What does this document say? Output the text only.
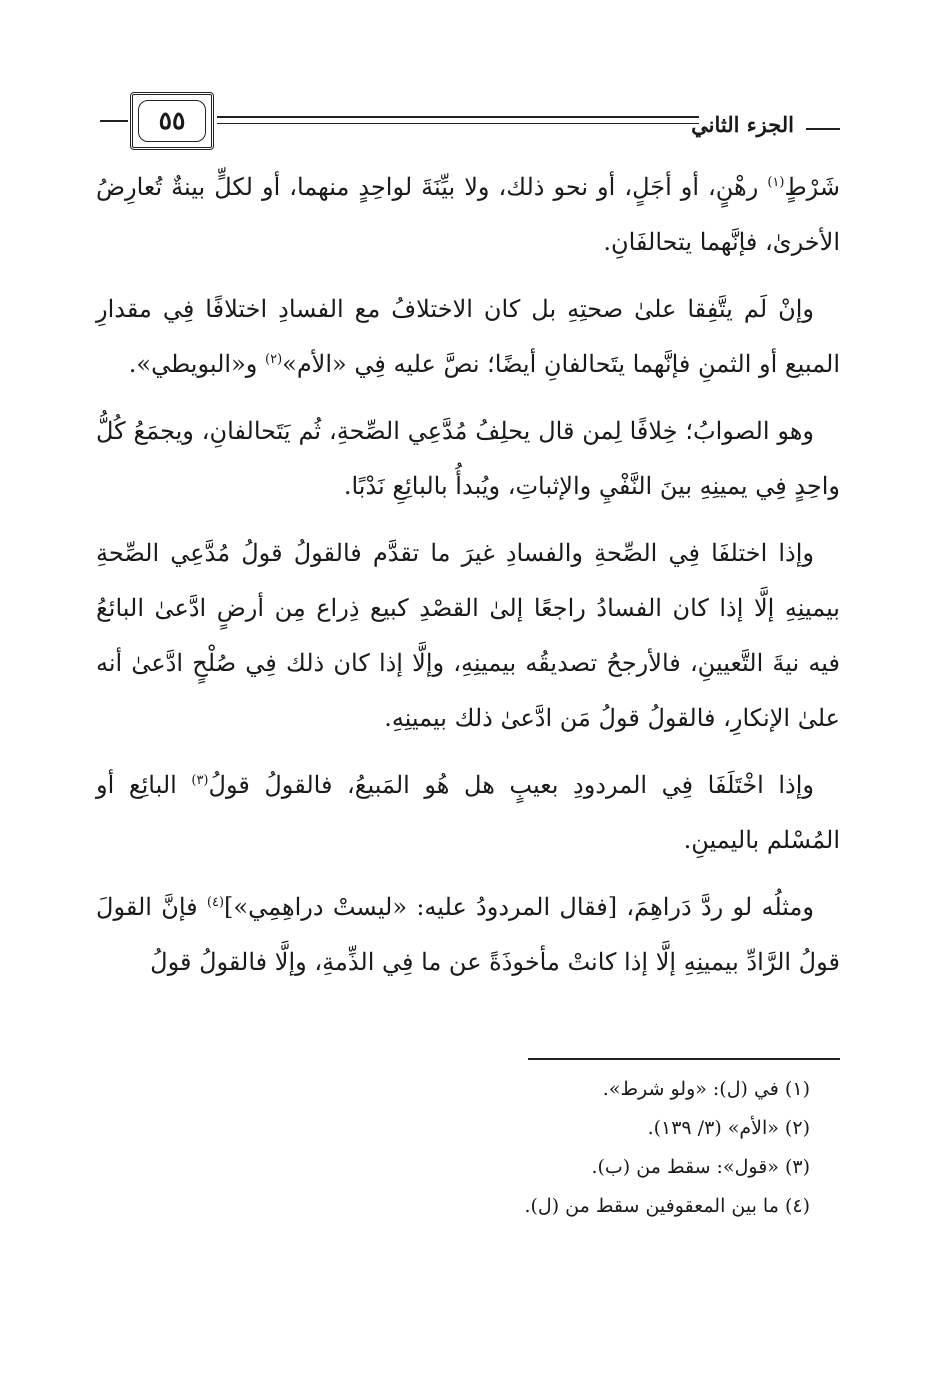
٥٥	الجزء الثاني

شَرْطٍ$^{(١)}$ رهْنٍ، أو أجَلٍ، أو نحو ذلك، ولا بيِّنَةَ لواحِدٍ منهما، أو لكلٍّ بينةٌ تُعارِضُ الأخرىٰ، فإنَّهما يتحالفَانِ.

وإنْ لَم يتَّفِقا علىٰ صحتِهِ بل كان الاختلافُ مع الفسادِ اختلافًا فِي مقدارِ المبيع أو الثمنِ فإنَّهما يتَحالفانِ أيضًا؛ نصَّ عليه فِي «الأم»$^{(٢)}$ و«البويطي».

وهو الصوابُ؛ خِلافًا لِمن قال يحلِفُ مُدَّعِي الصِّحةِ، ثُم يَتَحالفانِ، ويجمَعُ كُلُّ واحِدٍ فِي يمينِهِ بينَ النَّفْيِ والإثباتِ، ويُبدأُ بالبائِعِ نَدْبًا.

وإذا اختلفَا فِي الصِّحةِ والفسادِ غيرَ ما تقدَّم فالقولُ قولُ مُدَّعِي الصِّحةِ بيمينِهِ إلَّا إذا كان الفسادُ راجعًا إلىٰ القصْدِ كبيع ذِراع مِن أرضٍ ادَّعىٰ البائعُ فيه نيةَ التَّعيينِ، فالأرجحُ تصديقُه بيمينِهِ، وإلَّا إذا كان ذلك فِي صُلْحٍ ادَّعىٰ أنه علىٰ الإنكارِ، فالقولُ قولُ مَن ادَّعىٰ ذلك بيمينِهِ.

وإذا اخْتَلَفَا فِي المردودِ بعيبٍ هل هُو المَبيعُ، فالقولُ قولُ$^{(٣)}$ البائِع أو المُسْلم باليمينِ.

ومثلُه لو ردَّ دَراهِمَ، [فقال المردودُ عليه: «ليستْ دراهِمِي»]$^{(٤)}$ فإنَّ القولَ قولُ الرَّادِّ بيمينِهِ إلَّا إذا كانتْ مأخوذَةً عن ما فِي الذِّمةِ، وإلَّا فالقولُ قولُ

(١) في (ل): «ولو شرط».

(٢) «الأم» (٣/ ١٣٩).

(٣) «قول»: سقط من (ب).

(٤) ما بين المعقوفين سقط من (ل).
